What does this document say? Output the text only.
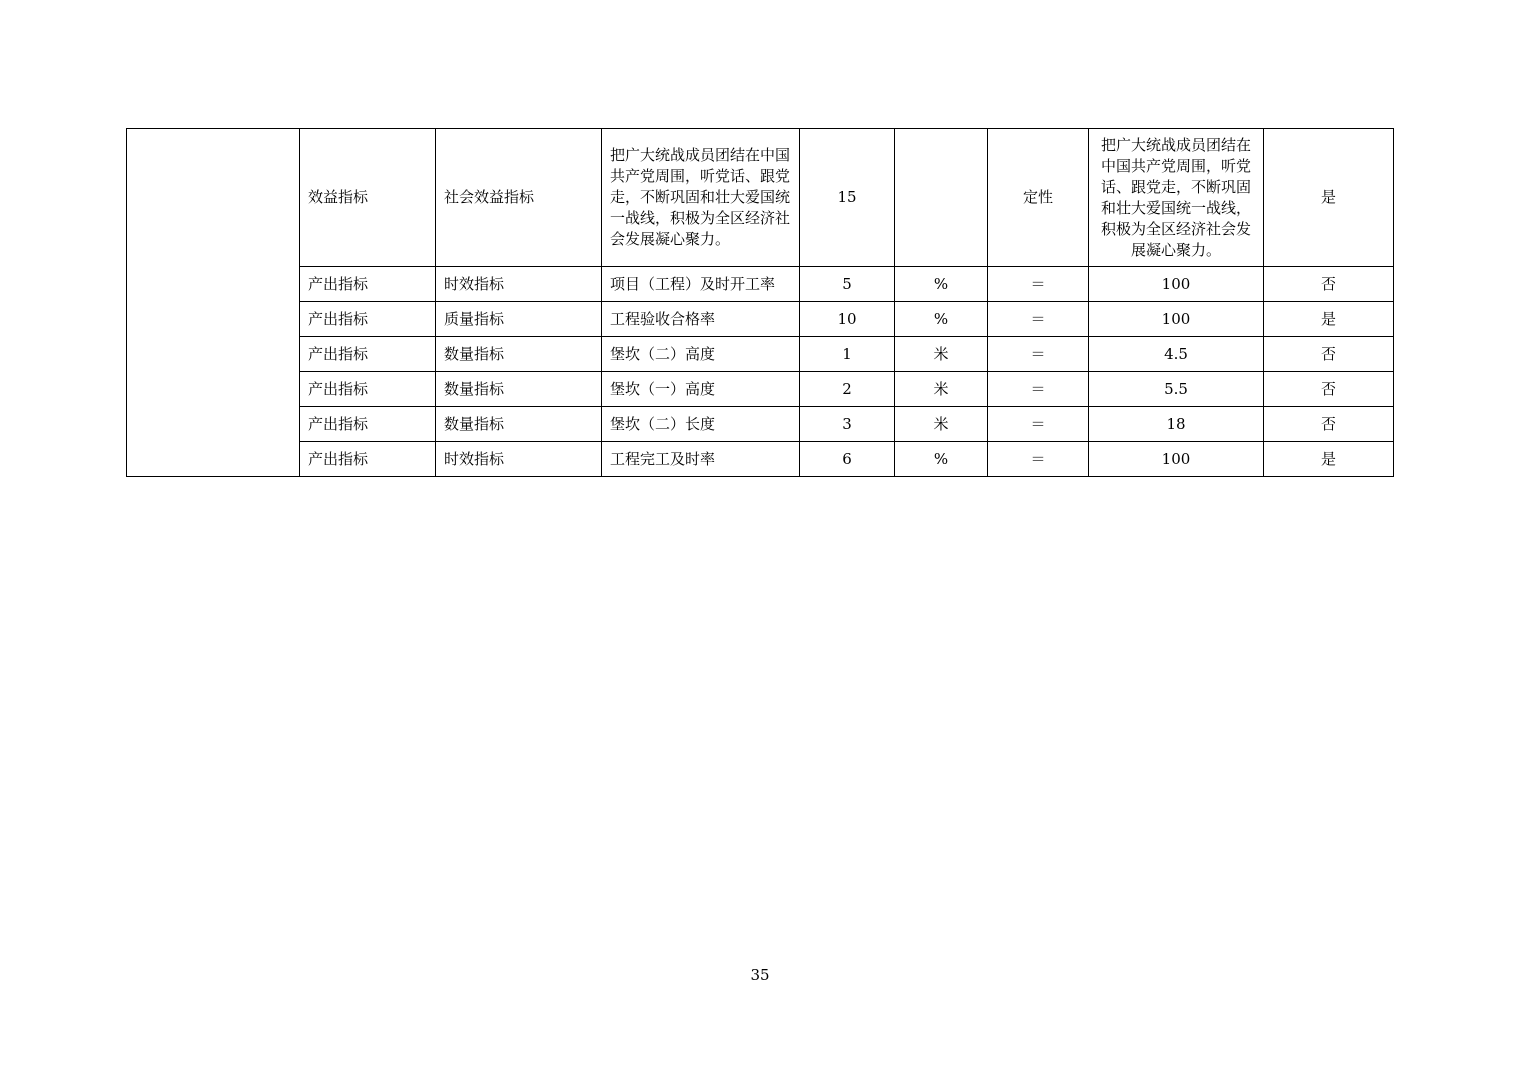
	效益指标	社会效益指标	把广大统战成员团结在中国共产党周围，听党话、跟党走，不断巩固和壮大爱国统一战线，积极为全区经济社会发展凝心聚力。	15		定性	把广大统战成员团结在中国共产党周围，听党话、跟党走，不断巩固和壮大爱国统一战线，积极为全区经济社会发展凝心聚力。	是
	产出指标	时效指标	项目（工程）及时开工率	5	%	＝	100	否
	产出指标	质量指标	工程验收合格率	10	%	＝	100	是
	产出指标	数量指标	堡坎（二）高度	1	米	＝	4.5	否
	产出指标	数量指标	堡坎（一）高度	2	米	＝	5.5	否
	产出指标	数量指标	堡坎（二）长度	3	米	＝	18	否
	产出指标	时效指标	工程完工及时率	6	%	＝	100	是
35
